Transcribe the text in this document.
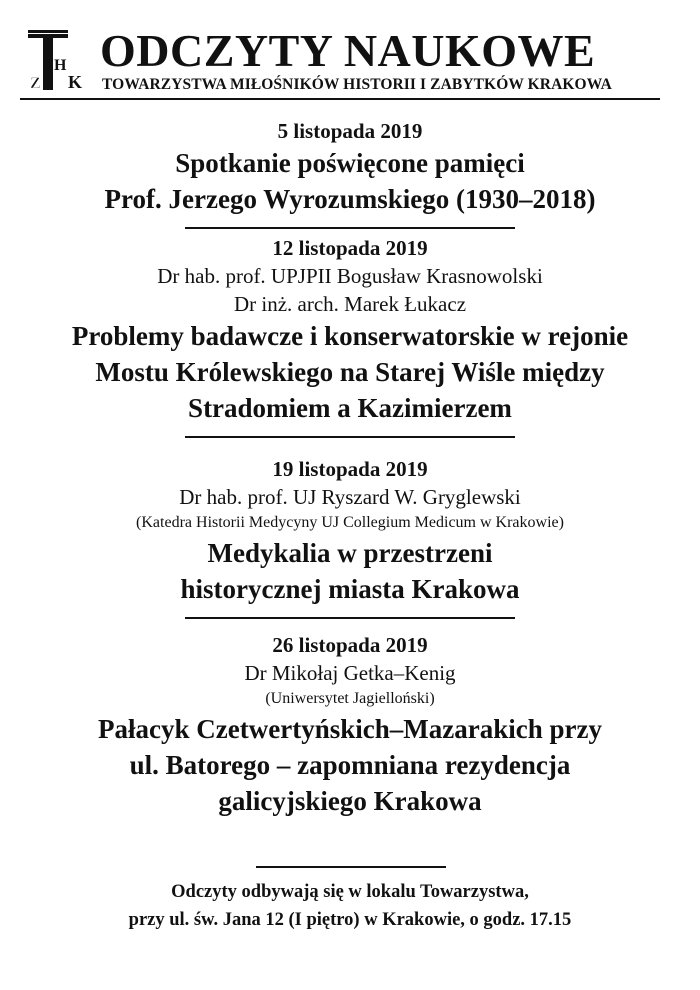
Z
H
K
ODCZYTY NAUKOWE
TOWARZYSTWA MIŁOŚNIKÓW HISTORII I ZABYTKÓW KRAKOWA
5 listopada 2019
Spotkanie poświęcone pamięci
Prof. Jerzego Wyrozumskiego (1930–2018)
12 listopada 2019
Dr hab. prof. UPJPII Bogusław Krasnowolski
Dr inż. arch. Marek Łukacz
Problemy badawcze i konserwatorskie w rejonie
Mostu Królewskiego na Starej Wiśle między
Stradomiem a Kazimierzem
19 listopada 2019
Dr hab. prof. UJ Ryszard W. Gryglewski
(Katedra Historii Medycyny UJ Collegium Medicum w Krakowie)
Medykalia w przestrzeni
historycznej miasta Krakowa
26 listopada 2019
Dr Mikołaj Getka–Kenig
(Uniwersytet Jagielloński)
Pałacyk Czetwertyńskich–Mazarakich przy
ul. Batorego – zapomniana rezydencja
galicyjskiego Krakowa
Odczyty odbywają się w lokalu Towarzystwa,
przy ul. św. Jana 12 (I piętro) w Krakowie, o godz. 17.15
